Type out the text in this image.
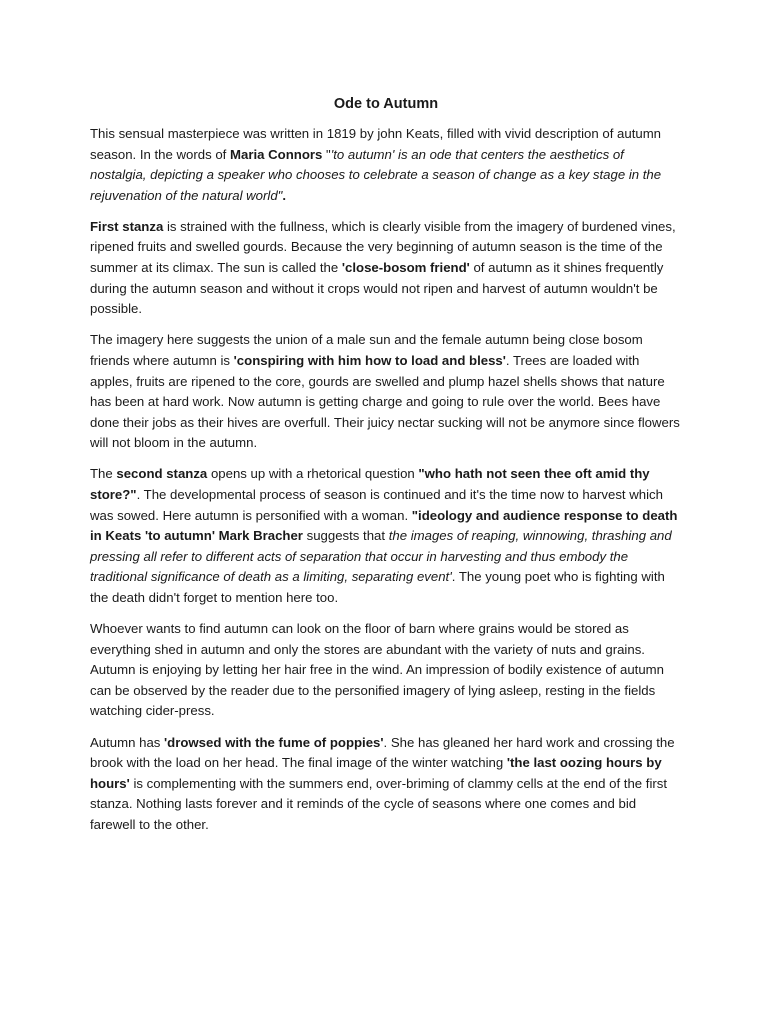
Ode to Autumn

This sensual masterpiece was written in 1819 by john Keats, filled with vivid description of autumn season. In the words of Maria Connors "'to autumn' is an ode that centers the aesthetics of nostalgia, depicting a speaker who chooses to celebrate a season of change as a key stage in the rejuvenation of the natural world".

First stanza is strained with the fullness, which is clearly visible from the imagery of burdened vines, ripened fruits and swelled gourds. Because the very beginning of autumn season is the time of the summer at its climax. The sun is called the 'close-bosom friend' of autumn as it shines frequently during the autumn season and without it crops would not ripen and harvest of autumn wouldn't be possible.

The imagery here suggests the union of a male sun and the female autumn being close bosom friends where autumn is 'conspiring with him how to load and bless'. Trees are loaded with apples, fruits are ripened to the core, gourds are swelled and plump hazel shells shows that nature has been at hard work. Now autumn is getting charge and going to rule over the world. Bees have done their jobs as their hives are overfull. Their juicy nectar sucking will not be anymore since flowers will not bloom in the autumn.

The second stanza opens up with a rhetorical question "who hath not seen thee oft amid thy store?". The developmental process of season is continued and it's the time now to harvest which was sowed. Here autumn is personified with a woman. "ideology and audience response to death in Keats 'to autumn' Mark Bracher suggests that the images of reaping, winnowing, thrashing and pressing all refer to different acts of separation that occur in harvesting and thus embody the traditional significance of death as a limiting, separating event'. The young poet who is fighting with the death didn't forget to mention here too.

Whoever wants to find autumn can look on the floor of barn where grains would be stored as everything shed in autumn and only the stores are abundant with the variety of nuts and grains. Autumn is enjoying by letting her hair free in the wind. An impression of bodily existence of autumn can be observed by the reader due to the personified imagery of lying asleep, resting in the fields watching cider-press.

Autumn has 'drowsed with the fume of poppies'. She has gleaned her hard work and crossing the brook with the load on her head. The final image of the winter watching 'the last oozing hours by hours' is complementing with the summers end, over-briming of clammy cells at the end of the first stanza. Nothing lasts forever and it reminds of the cycle of seasons where one comes and bid farewell to the other.
